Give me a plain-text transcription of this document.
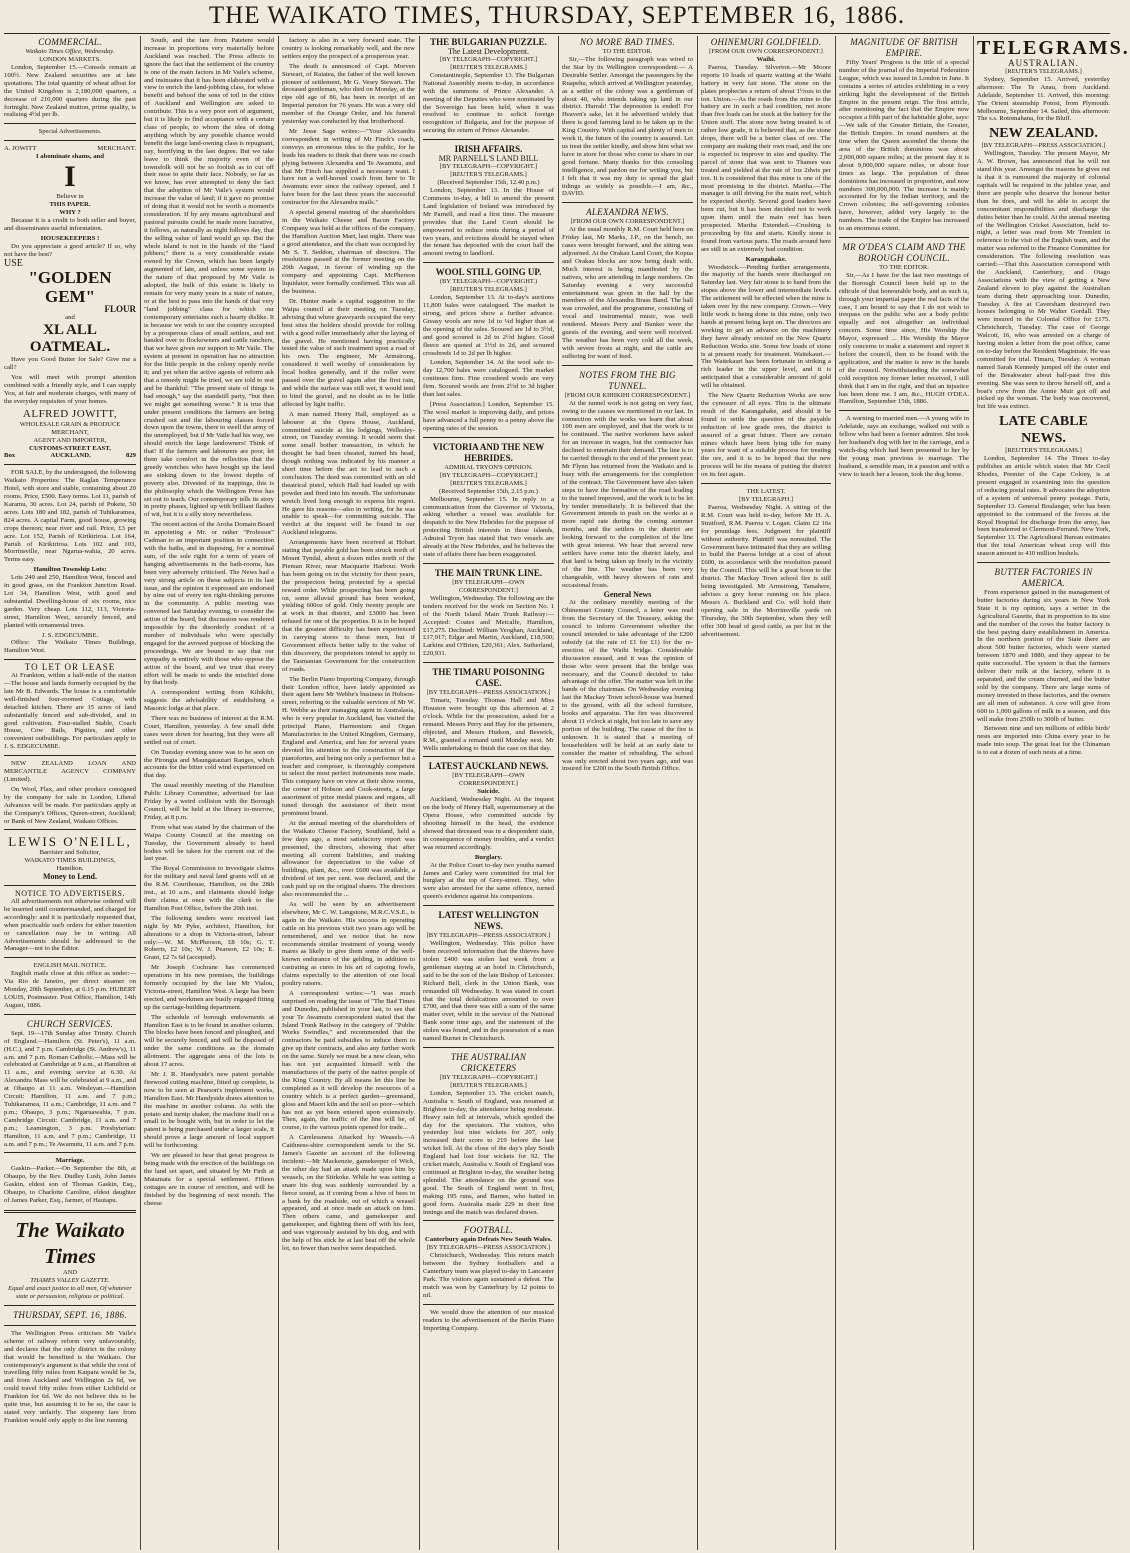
THE WAIKATO TIMES, THURSDAY, SEPTEMBER 16, 1886.
COMMERCIAL.
Waikato Times Office, Wednesday.
LONDON MARKETS.

London, September 15.—Consols remain at 100½. New Zealand securities are at late quotations. The total quantity of wheat afloat for the United Kingdom is 2,180,000 quarters, a decrease of 210,000 quarters during the past fortnight. New Zealand mutton, prime quality, is realising 4½d per lb.

Special Advertisements.
A. JOWITT	MERCHANT.
I abominate shams, and
I
Believe in
THIS PAPER.
WHY ?

Because it is a credit to both seller and buyer, and disseminates useful information.

HOUSEKEEPERS !

Do you appreciate a good article? If so, why not have the best?

USE
"GOLDEN GEM"
FLOUR
and
XL ALL OATMEAL.

Have you Good Butter for Sale? Give me a call?

You will meet with prompt attention combined with a friendly style, and I can supply You, at fair and moderate charges, with many of the everyday requisites of your homes.

ALFRED JOWITT,
WHOLESALE GRAIN & PRODUCE MERCHANT,
AGENT AND IMPORTER,
CUSTOMS-STREET EAST,
Box	AUCKLAND.	829

FOR SALE, by the undersigned, the following Waikato Properties: The Raglan Temperance Hotel, with store and stable, containing about 20 rooms. Price, £500. Easy terms. Lot 11, parish of Karamu, 30 acres. Lot 24, parish of Pukete, 50 acres. Lots 180 and 182, parish of Tuhikaramea, 824 acres. A capital Farm, good house, growing crops thereon; near river and rail. Price, £3 per acre. Lot 152, Parish of Kirikiriroa. Lot 164, Parish of Kirikiriroa. Lots 102 and 103, Morrinsville, near Ngarua-wahia, 20 acres. Terms easy.

Hamilton Township Lots:

Lots 249 and 250, Hamilton West, fenced and in good grass, on the Frankton Junction Road. Lot 34, Hamilton West, with good and substantial Dwelling-house of six rooms, nice garden. Very cheap. Lots 112, 113, Victoria-street, Hamilton West, securely fenced, and planted with ornamental trees.

J. S. EDGECUMBE.

Office: The Waikato Times Buildings, Hamilton West.

TO LET OR LEASE

At Frankton, within a half-mile of the station—The house and lands formerly occupied by the late Mr B. Edwards. The house is a comfortable well-finished four-roomed Cottage, with detached kitchen. There are 15 acres of land substantially fenced and sub-divided, and in good cultivation. Four-stalled Stable, Coach House, Cow Bails, Pigsties, and other convenient outbuildings. For particulars apply to J. S. EDGECUMBE.

NEW ZEALAND LOAN AND MERCANTILE AGENCY COMPANY (Limited).

On Wool, Flax, and other produce consigned by the company for sale in London, Liberal Advances will be made. For particulars apply at the Company's Offices, Queen-street, Auckland; or Bank of New Zealand, Waikato Offices.

LEWIS O'NEILL,
Barrister and Solicitor,
WAIKATO TIMES BUILDINGS,
Hamilton.
Money to Lend.
NOTICE TO ADVERTISERS.

All advertisements not otherwise ordered will be inserted until countermanded, and charged for accordingly: and it is particularly requested that, when practicable such orders for either insertion or cancellation may be in writing. All Advertisements should be addressed to the Manager—not to the Editor.

ENGLISH MAIL NOTICE.

English mails close at this office as under:—Via Rio de Janeiro, per direct steamer on Monday, 20th September, at 6.15 p.m. HUBERT LOUIS, Postmaster. Post Office, Hamilton, 14th August, 1886.

CHURCH SERVICES.

Sept. 19—17th Sunday after Trinity. Church of England.—Hamilton (St. Peter's), 11 a.m. (H.C.), and 7 p.m. Cambridge (St. Andrew's), 11 a.m. and 7 p.m. Roman Catholic.—Mass will be celebrated at Cambridge at 9 a.m., at Hamilton at 11 a.m., and evening service at 6.30. At Alexandra Mass will be celebrated at 9 a.m., and at Ohaupo at 11 a.m. Wesleyan.—Hamilton Circuit: Hamilton, 11 a.m. and 7 p.m.; Tuhikaramea, 11 a.m.; Cambridge, 11 a.m. and 7 p.m.; Ohaupo, 3 p.m.; Ngaruawahia, 7 p.m. Cambridge Circuit: Cambridge, 11 a.m. and 7 p.m.; Leamington, 3 p.m. Presbyterian: Hamilton, 11 a.m. and 7 p.m.; Cambridge, 11 a.m. and 7 p.m.; Te Awamutu, 11 a.m. and 7 p.m.

Marriage.

Gaskin—Parker.—On September the 8th, at Ohaupo, by the Rev. Dudley Lush, John James Gaskin, eldest son of Thomas Gaskin, Esq., Ohaupo, to Charlotte Caroline, eldest daughter of James Parker, Esq., farmer, of Hautapu.

The Waikato Times
AND
THAMES VALLEY GAZETTE.
Equal and exact justice to all men, Of whatever state or persuasion, religious or political.
THURSDAY, SEPT. 16, 1886.

The Wellington Press criticises Mr Vaile's scheme of railway reform very unfavourably, and declares that the only district in the colony that would be benefited is the Waikato. Our contemporary's argument is that while the cost of travelling fifty miles from Kaipara would be 3s, and from Auckland and Wellington 2s 6d, we could travel fifty miles from either Lichfield or Frankton for 6d. We do not believe this to be quite true, but assuming it to be so, the case is stated very unfairly. The sixpenny fare from Frankton would only apply to the line running

South, and the fare from Patetere would increase in proportions very materially before Auckland was reached. The Press affects to ignore the fact that the settlement of the country is one of the main factors in Mr Vaile's scheme, and insinuates that it has been elaborated with a view to enrich the land-jobbing class, for whose benefit and behoof the sons of toil in the cities of Auckland and Wellington are asked to contribute. This is a very poor sort of argument, but it is likely to find acceptance with a certain class of people, to whom the idea of doing anything which by any possible chance would benefit the large land-owning class is repugnant, nay, horrifying in the last degree. But we take leave to think the majority even of the townsfolk will not be so foolish as to cut off their nose to spite their face. Nobody, so far as we know, has ever attempted to deny the fact that the adoption of Mr Vaile's system would increase the value of land; if it gave no promise of doing that it would not be worth a moment's consideration. If by any means agricultural and pastoral pursuits could be made more lucrative, it follows, as naturally as night follows day, that the selling value of land would go up. But the whole island is not in the hands of the "land jobbers;" there is a very considerable estate owned by the Crown, which has been largely augmented of late, and unless some system in the nature of that proposed by Mr Vaile is adopted, the bulk of this estate is likely to remain for very many years in a state of nature, or at the best to pass into the hands of that very "land jobbing" class for which our contemporary entertains such a hearty dislike. It is because we wish to see the country occupied by a prosperous class of small settlers, and not handed over to flockowners and cattle ranchers, that we have given our support to Mr Vaile. The system at present in operation has no attraction for the little people in the colony openly revile it; and yet when the active agents of reform ask that a remedy might be tried, we are told to rest and be thankful: "The present state of things is bad enough," say the standstill party, "but then we might get something worse." It is true that under present conditions the farmers are being crushed out and the labouring classes forced down upon the towns, there to swell the army of the unemployed, but if Mr Vaile had his way, we should enrich the large landowners! Think of that! If the farmers and labourers are poor, let them take comfort in the reflection that the greedy wretches who have bought up the land are sinking down to the lowest depths of poverty also. Divested of its trappings, this is the philosophy which the Wellington Press has set out to teach. Our contemporary tells its story in pretty phases, lighted up with brilliant flashes of wit, but it is a silly story nevertheless.

The recent action of the Aroha Domain Board in appointing a Mr. or rather "Professor" Cadman to an important position in connection with the baths, and in disposing, for a nominal sum, of the sole right for a term of years of hanging advertisements in the bath-rooms, has been very adversely criticised. The News had a very strong article on these subjects in its last issue, and the opinion it expressed are endorsed by nine out of every ten right-thinking persons in the community. A public meeting was convened last Saturday evening, to consider the action of the board, but discussion was rendered impossible by the disorderly conduct of a number of individuals who were specially engaged for the avowed purpose of blocking the proceedings. We are bound to say that our sympathy is entirely with those who oppose the action of the board, and we trust that every effort will be made to undo the mischief done by that body.

A correspondent writing from Kihikihi, suggests the advisability of establishing a Masonic lodge at that place.

There was no business of interest at the R.M. Court, Hamilton, yesterday. A few small debt cases were down for hearing, but they were all settled out of court.

On Tuesday evening snow was to be seen on the Pirongia and Maungatautari Ranges, which accounts for the bitter cold wind experienced on that day.

The usual monthly meeting of the Hamilton Public Library Committee, advertised for last Friday by a weird collision with the Borough Council, will be held at the library to-morrow, Friday, at 8 p.m.

From what was stated by the chairman of the Waipa County Council at the meeting on Tuesday, the Government already to hand bodies will be taken for the current out of the last year.

The Royal Commission to investigate claims for the military and naval land grants will sit at the R.M. Courthouse, Hamilton, on the 28th inst., at 10 a.m., and claimants should lodge their claims at once with the clerk to the Hamilton Post Office, before the 20th inst.

The following tenders were received last night by Mr Pyke, architect, Hamilton, for alterations to a shop in Victoria-street, labour only:—W. M. McPherson, £8 10s; G. T. Roberts, £2 10s; W. J. Pearson, £2 10s; E. Grant, £2 7s 6d (accepted).

Mr Joseph Cochrane has commenced operations in his new premises, the buildings formerly occupied by the late Mr Vialou, Victoria-street, Hamilton West. A large has been erected, and workmen are busily engaged fitting up the carriage-building department.

The schedule of borough endowments at Hamilton East is to be found in another column. The blocks have been fenced and ploughed, and will be securely fenced, and will be disposed of under the same conditions as the domain allotment. The aggregate area of the lots is about 17 acres.

Mr J. R. Handyside's new patent portable firewood cutting machine, fitted up complete, is now to be seen at Pearson's implement works, Hamilton East. Mr Handyside draws attention to the machine in another column. As with the potato and turnip shaker, the machine itself on a small to be bought with, but in order to let the patent is being purchased under a larger scale, it should prove a large amount of local support will be forthcoming.

We are pleased to hear that great progress is being made with the erection of the buildings on the land set apart, and situated by Mr Firth at Matamata for a special settlement. Fifteen cottages are in course of erection, and will be finished by the beginning of next month. The cheese

factory is also in a very forward state. The country is looking remarkably well, and the new settlers enjoy the prospect of a prosperous year.

The death is announced of Capt. Morven Stewart, of Raiatea, the father of the well known pioneer of settlement, Mr G. Vesey Stewart. The deceased gentleman, who died on Monday, at the ripe old age of 86, has been in receipt of an Imperial pension for 76 years. He was a very old member of the Orange Order, and his funeral yesterday was conducted by that brotherhood.

Mr Jesse Sage writes:—"Your Alexandra correspondent in writing of Mr Finch's coach, conveys an erroneous idea to the public, for he leads his readers to think that there was no coach plying between Alexandra and Te Awamutu, and that Mr Finch has supplied a necessary want. I have run a well-horsed coach from here to Te Awamutu ever since the railway opened, and I have been for the last three years the successful contractor for the Alexandra mails."

A special general meeting of the shareholders in the Waikato Cheese and Bacon Factory Company was held at the offices of the company, the Hamilton Auction Mart, last night. There was a good attendance, and the chair was occupied by Mr S. T. Seddon, chairman of directors. The resolutions passed at the former meeting on the 20th August, in favour of winding up the company and appointing Capt. McPherson liquidator, were formally confirmed. This was all the business.

Dr. Hunter made a capital suggestion to the Waipa council at their meeting on Tuesday, advising that where graveyards occupied the very best sites the holders should provide for rolling with a good roller immediately after the laying of the gravel. He mentioned having practically tested the value of such treatment upon a road of his own. The engineer, Mr Armstrong, considered it well worthy of consideration by local bodies generally, and if the roller were passed over the gravel again after the first rain, and while the surface was still wet, it would tend to bind the gravel, and no doubt as to be little affected by light traffic.

A man named Henry Hall, employed as a labourer at the Opera House, Auckland, committed suicide at his lodgings, Wellesley-street, on Tuesday evening. It would seem that some small bother transaction, in which he thought he had been cheated, turned his head, though nothing was indicated by his manner a short time before the act to lead to such a conclusion. The deed was committed with an old theatrical pistol, which Hall had loaded up with powder and fired into his mouth. The unfortunate wretch lived long enough to express his regret. He gave his reasons—also in writing, for he was unable to speak—for committing suicide. The verdict at the inquest will be found in our Auckland telegrams.

Arrangements have been received at Hobart stating that payable gold has been struck north of Mount Tyndal, about a dozen miles north of the Pieman River, near Macquarie Harbour. Work has been going on in the vicinity for three years, the prospectors being protected by a special reward order. While prospecting has been going on, some alluvial ground has been worked, yielding 600oz of gold. Only twenty people are at work in that district, and £3000 has been refused for one of the properties. It is to be hoped that the greatest difficulty has been experienced in carrying stores to these men, but if Government effects better tally to the value of this discovery, the proprietors intend to apply to the Tasmanian Government for the construction of roads.

The Berlin Piano Importing Company, through their London office, have lately appointed as their agent here Mr Webbe's business in Hobson-street, referring to the valuable services of Mr W. H. Webbe as their managing agent in Australasia, who is very popular in Auckland, has visited the principal Piano, Harmonium and Organ Manufactories in the United Kingdom, Germany, England and America, and has for several years devoted his attention to the construction of the pianofortes, and being not only a performer but a teacher and composer, is thoroughly competent to select the most perfect instruments now made. This company have on view at their show rooms, the corner of Hobson and Cook-streets, a large assortment of prize medal pianos and organs, all tuned through the assistance of their most prominent brand.

At the annual meeting of the shareholders of the Waikato Cheese Factory, Southland, held a few days ago, a most satisfactory report was presented, the directors, showing that after meeting all current liabilities, and making allowance for depreciation to the value of buildings, plant, &c., over £600 was available, a dividend of ten per cent. was declared, and the cash paid up on the original shares. The directors also recommended the ...

As will be seen by an advertisement elsewhere, Mr C. W. Langstone, M.R.C.V.S.E., is again in the Waikato. His success in operating cattle on his previous visit two years ago will be remembered, and we notice that he now recommends similar treatment of young weedy mares as likely to give them some of the well-known endurance of the gelding, in addition to castrating as cures in his art of capoing fowls, claims especially to the attention of our local poultry raisers.

A correspondent writes:—"I was much surprised on reading the issue of "The Bad Times and Dunedin, published in your last, to see that your Te Awamutu correspondent stated that the Island Trunk Railway in the category of "Public Works Swindles," and recommended that the contractors be paid subsidies to induce them to give up their contracts, and also any further work on the same. Surely we must be a new clean, who has not yet acquainted himself with the manufactures of the party of the native people of the King Country. By all means let this line be completed as it will develop the resources of a country which is a perfect garden—greensand, gloss and Maori kiln and the soil so poor—which has not as yet been entered upon extensively. Then, again, the traffic of the line will be, of course, to the various points opened for trade...

A Carelessness Attacked by Weasels.—A Caithness-shire correspondent sends to the St. James's Gazette an account of the following incident:—Mr Mackenzie, gamekeeper of Wick, the other day had an attack made upon him by weasels, on the Stirkoke. While he was setting a snare his dog was suddenly surrounded by a fierce sound, as if coming from a hive of bees in a bank by the roadside, out of which a weasel appeared, and at once made an attack on him. Then others came, and gamekeeper and gamekeeper, and fighting them off with his feet, and was vigorously assisted by his dog, and with the help of his stick he at last beat off the whole lot, no fewer than twelve were despatched.

THE BULGARIAN PUZZLE.
The Latest Development.
[BY TELEGRAPH—COPYRIGHT.]
[REUTER'S TELEGRAMS.]

Constantinople, September 13. The Bulgarian National Assembly meets to-day, in accordance with the summons of Prince Alexander. A meeting of the Deputies who were nominated by the Sovereign has been held, when it was resolved to continue to solicit foreign recognition of Bulgaria, and for the purpose of securing the return of Prince Alexander.

IRISH AFFAIRS.
MR PARNELL'S LAND BILL
[BY TELEGRAPH—COPYRIGHT.]
[REUTER'S TELEGRAMS.]
(Received September 15th, 12.40 p.m.)

London, September 13. In the House of Commons to-day, a bill to amend the present Land legislation of Ireland was introduced by Mr Parnell, and read a first time. The measure provides that the Land Court should be empowered to reduce rents during a period of two years, and evictions should be stayed when the tenant has deposited with the court half the amount owing to landlord.

WOOL STILL GOING UP.
(BY TELEGRAPH—COPYRIGHT.)
[REUTER'S TELEGRAMS.]

London, September 13. At to-day's auctions 11,800 bales were catalogued. The market is strong, and prices show a further advance. Greasy wools are now 1d to ¼d higher than at the opening of the sales. Scoured are 1d to 3½d, and good scoured is 2d to 2½d higher. Good fleece are quoted at 1½d to 2d, and scoured crossbreds 1d to 2d per lb higher.

London, September 14. At the wool sale to-day 12,700 bales were catalogued. The market continues firm. Fine crossbred wools are very firm. Scoured wools are from 2½d to 3d higher than last sales.

[Press Association.] London, September 15. The wool market is improving daily, and prices have advanced a full penny to a penny above the opening rates of the session.

VICTORIA AND THE NEW HEBRIDES.
ADMIRAL TRYON'S OPINION.
[BY TELEGRAPH—COPYRIGHT.]
[REUTER'S TELEGRAMS.]
(Received September 15th, 2.15 p.m.)

Melbourne, September 15. In reply to a communication from the Governor of Victoria, asking whether a vessel was available for despatch to the New Hebrides for the purpose of protecting British interests in those islands, Admiral Tryon has stated that two vessels are already at the New Hebrides, and he believes the state of affairs there has been exaggerated.

THE MAIN TRUNK LINE.
[BY TELEGRAPH—OWN CORRESPONDENT.]

Wellington, Wednesday. The following are the tenders received for the work on Section No. 1 of the North Island Main Trunk Railway:—Accepted: Coates and Metcalfe, Hamilton, £17,275. Declined: William Yeoghan, Auckland, £17,917; Edgar and Martin, Auckland, £18,500; Larkins and O'Brien, £20,361; Alex. Sutherland, £20,931.

THE TIMARU POISONING CASE.
[BY TELEGRAPH—PRESS ASSOCIATION.]

Timaru, Tuesday. Thomas Hall and Miss Houston were brought up this afternoon at 2 o'clock. While for the prosecution, asked for a remand. Messrs Perry and Hay for the prisoners, objected, and Messrs Hudson, and Beswick, R.M., granted a remand until Monday next. Mr Wells undertaking to finish the case on that day.

LATEST AUCKLAND NEWS.
[BY TELEGRAPH—OWN CORRESPONDENT.]
Suicide.

Auckland, Wednesday Night. At the inquest on the body of Henry Hall, supernumerary at the Opera House, who committed suicide by shooting himself in the head, the evidence showed that deceased was in a despondent state, in consequence of money troubles, and a verdict was returned accordingly.

Burglary.

At the Police Court to-day two youths named James and Carley were committed for trial for burglary at the top of Grey-street. They, who were also arrested for the same offence, turned queen's evidence against his companions.

LATEST WELLINGTON NEWS.
[BY TELEGRAPH—PRESS ASSOCIATION.]

Wellington, Wednesday. This police have been received information that the thieves have stolen £400 was stolen last week from a gentleman staying at an hotel in Christchurch, said to be the son of the late Bishop of Leicester. Richard Bell, clerk in the Union Bank, was remanded till Wednesday. It was stated in court that the total defalcations amounted to over £700, and that there was still a sum of the same matter over, while in the service of the National Bank some time ago, and the statement of the stolen was found, and in the possession of a man named Burnet in Christchurch.

THE AUSTRALIAN CRICKETERS
[BY TELEGRAPH—COPYRIGHT.]
[REUTER'S TELEGRAMS.]

London, September 13. The cricket match, Australia v. South of England, was resumed at Brighton to-day, the attendance being moderate. Heavy rain fell at intervals, which spoiled the day for the spectators. The visitors, who yesterday lost nine wickets for 207, only increased their score to 219 before the last wicket fell. At the close of the day's play South England had lost four wickets for 92. The cricket match, Australia v. South of England was continued at Brighton to-day, the weather being splendid. The attendance on the ground was good. The South of England went in first, making 195 runs, and Barnes, who batted in good form. Australia made 229 in their first innings and the match was declared drawn.

FOOTBALL.
Canterbury again Defeats New South Wales.
[BY TELEGRAPH—PRESS ASSOCIATION.]

Christchurch, Wednesday. This return match between the Sydney footballers and a Canterbury team was played to-day in Lancaster Park. The visitors again sustained a defeat. The match was won by Canterbury by 12 points to nil.

We would draw the attention of our musical readers to the advertisement of the Berlin Piano Importing Company.

NO MORE BAD TIMES.
TO THE EDITOR.

Sir,—The following paragraph was wired to the Star by its Wellington correspondent:— A Desirable Settler. Amongst the passengers by the Ruapehu, which arrived at Wellington yesterday, as a settler of the colony was a gentleman of about 40, who intends taking up land in our district. Hurrah! The depression is ended! For Heaven's sake, let it be advertised widely that there is good farming land to be taken up in the King Country. With capital and plenty of men to work it, the future of the country is assured. Let us treat the settler kindly, and show him what we have in store for those who come to share in our good fortune. Many thanks for this consoling intelligence, and pardon me for writing you, but I felt that it was my duty to spread the glad tidings as widely as possible.—I am, &c., DAVID.

ALEXANDRA NEWS.
[FROM OUR OWN CORRESPONDENT.]

At the usual monthly R.M. Court held here on Friday last, Mr Marks, J.P., on the bench, no cases were brought forward, and the sitting was adjourned. At the Orakau Land Court, the Kopua and Orakau blocks are now being dealt with. Much interest is being manifested by the natives, who are attending in large numbers. On Saturday evening a very successful entertainment was given in the hall by the members of the Alexandra Brass Band. The hall was crowded, and the programme, consisting of vocal and instrumental music, was well rendered. Messrs Perry and Bunker were the guests of the evening, and were well received. The weather has been very cold all the week, with severe frosts at night, and the cattle are suffering for want of feed.

NOTES FROM THE BIG TUNNEL.
[FROM OUR KIHIKIHI CORRESPONDENT.]

At the tunnel work is not going on very fast, owing to the causes we mentioned in our last. In connection with the works we learn that about 100 men are employed, and that the work is to be continued. The native workmen have asked for an increase in wages, but the contractor has declined to entertain their demand. The line is to be carried through to the end of the present year. Mr Flynn has returned from the Waikato and is busy with the arrangements for the completion of the contract. The Government have also taken steps to have the formation of the road leading to the tunnel improved, and the work is to be let by tender immediately. It is believed that the Government intends to push on the works at a more rapid rate during the coming summer months, and the settlers in the district are looking forward to the completion of the line with great interest. We hear that several new settlers have come into the district lately, and that land is being taken up freely in the vicinity of the line. The weather has been very changeable, with heavy showers of rain and occasional frosts.

General News

At the ordinary monthly meeting of the Ohinemuri County Council, a letter was read from the Secretary of the Treasury, asking the council to inform Government whether the council intended to take advantage of the £200 subsidy (at the rate of £1 for £1) for the re-erection of the Waihi bridge. Considerable discussion ensued, and it was the opinion of those who were present that the bridge was necessary, and the Council decided to take advantage of the offer. The matter was left in the hands of the chairman. On Wednesday evening last the Mackay Town school-house was burned to the ground, with all the school furniture, books and apparatus. The fire was discovered about 11 o'clock at night, but too late to save any portion of the building. The cause of the fire is unknown. It is stated that a meeting of householders will be held at an early date to consider the matter of rebuilding. The school was only erected about two years ago, and was insured for £200 in the South British Office.

OHINEMURI GOLDFIELD.
[FROM OUR OWN CORRESPONDENT.]
Waihi.

Paeroa, Tuesday. Silverton.—Mr Moore reports 10 loads of quartz waiting at the Waihi battery in very fair stone. The stone on the plates prophecies a return of about 1½ozs to the ton. Union.—As the roads from the mine to the battery are in such a bad condition, not more than five loads can be stuck at the battery for the Union stuff. The stone now being treated is of rather low grade, it is believed that, as the stone drops, there will be a better class of ore. The company are making their own road, and the ore is expected to improve in size and quality. The parcel of stone that was sent to Thames was treated and yielded at the rate of 1oz 2dwts per ton. It is considered that this mine is one of the most promising in the district. Martha.—The manager is still driving for the main reef, which he expected shortly. Several good leaders have been cut, but it has been decided not to work upon them until the main reef has been prospected. Martha Extended.—Crushing is proceeding by fits and starts. Kindly stone is found from various parts. The roads around here are still in an extremely bad condition.

Karangahake.

Woodstock.—Pending further arrangements, the majority of the hands were discharged on Saturday last. Very fair stone is to hand from the stopes above the lower and intermediate levels. The settlement will be effected when the mine is taken over by the new company. Crown.—Very little work is being done in this mine, only two hands at present being kept on. The directors are working to get an advance on the machinery they have already erected on the New Quartz Reduction Works site. Some few loads of stone is at present ready for treatment. Waitekauri.—The Waitekauri has been fortunate in striking a rich leader in the upper level, and it is anticipated that a considerable amount of gold will be obtained.

The New Quartz Reduction Works are now the cynosure of all eyes. This is the ultimate result of the Karangahake, and should it be found to settle the question of the payable reduction of low grade ores, the district is assured of a great future. There are certain mines which have been lying idle for many years for want of a suitable process for treating the ore, and it is to be hoped that the new process will be the means of putting the district on its feet again.

THE LATEST.
[BY TELEGRAPH.]

Paeroa, Wednesday Night. A sitting of the R.M. Court was held to-day, before Mr H. A. Stratford, R.M. Paeroa v. Logan. Claim £2 16s for poundage fees. Judgment for plaintiff without authority. Plaintiff was nonsuited. The Government have intimated that they are willing to build the Paeroa bridge at a cost of about £600, in accordance with the resolution passed by the Council. This will be a great boon to the district. The Mackay Town school fire is still being investigated. Mr Armstrong, Tamahere, advises a grey horse running on his place. Messrs A. Buckland and Co. will hold their opening sale in the Morrinsville yards on Thursday, the 30th September, when they will offer 300 head of good cattle, as per list in the advertisement.

MAGNITUDE OF BRITISH EMPIRE.

Fifty Years' Progress is the title of a special number of the journal of the Imperial Federation League, which was issued in London in June. It contains a series of articles exhibiting in a very striking light the development of the British Empire in the present reign. The first article, after mentioning the fact that the Empire now occupies a fifth part of the habitable globe, says:—We talk of the Greater Britain, the Greater, the British Empire. In round numbers at the time when the Queen ascended the throne the area of the British dominions was about 2,000,000 square miles; at the present day it is about 9,000,000 square miles, or about four times as large. The population of these dominions has increased in proportion, and now numbers 300,000,000. The increase is mainly accounted for by the Indian territory, and the Crown colonies; the self-governing colonies have, however, added very largely to the numbers. The trade of the Empire has increased to an enormous extent.

MR O'DEA'S CLAIM AND THE BOROUGH COUNCIL.
TO THE EDITOR.

Sir,—As I have for the last two meetings of the Borough Council been held up to the ridicule of that honourable body, and as such is, through your impartial paper the real facts of the case, I am bound to say that I do not wish to trespass on the public who are a body politic equally and not altogether an individual concern. Some time since, His Worship the Mayor, expressed ... His Worship the Mayor only concerns to make a statement and report it before the council, then to be found with the application, and the matter is now in the hands of the council. Notwithstanding the somewhat cold reception my former letter received, I still think that I am in the right, and that an injustice has been done me. I am, &c., HUGH O'DEA. Hamilton, September 15th, 1886.

A warning to married men.—A young wife in Adelaide, says an exchange, walked out with a fellow who had been a former admirer. She took her husband's dog with her in the carriage, and a watch-dog which had been presented to her by the young man previous to marriage. The husband, a sensible man, in a passion and with a view to teach her a lesson, took the dog home.

TELEGRAMS.
AUSTRALIAN.
[REUTER'S TELEGRAMS.]

Sydney, September 15. Arrived, yesterday afternoon: The Te Anau, from Auckland. Adelaide, September 11. Arrived, this morning: The Orient steamship Potosi, from Plymouth. Melbourne, September 14. Sailed, this afternoon: The s.s. Rotomahana, for the Bluff.

NEW ZEALAND.
[BY TELEGRAPH—PRESS ASSOCIATION.]

Wellington, Tuesday. The present Mayor, Mr A. W. Brown, has announced that he will not stand this year. Amongst the reasons he gives out is that it is rumoured the majority of colonial capitals will be required in the jubilee year, and there are people who deserve the honour better than he does, and will be able to accept the concomitant responsibilities and discharge the duties better than he could. At the annual meeting of the Wellington Cricket Association, held to-night, a letter was read from Mr Tremlett in reference to the visit of the English team, and the matter was referred to the Finance Committee for consideration. The following resolution was carried:—That this Association correspond with the Auckland, Canterbury, and Otago Associations with the view of getting a New Zealand eleven to play against the Australian team during their approaching tour. Dunedin, Tuesday. A fire at Caversham destroyed two houses belonging to Mr Walter Gordall. They were insured in the Colonial Office for £175. Christchurch, Tuesday. The case of George Walcott, 16, who was arrested on a charge of having stolen a letter from the post office, came on to-day before the Resident Magistrate. He was committed for trial. Timaru, Tuesday. A woman named Sarah Kennedy jumped off the outer end of the Breakwater about half-past five this evening. She was seen to throw herself off, and a boat's crew from the Annie Muir got off and picked up the woman. The body was recovered, but life was extinct.

LATE CABLE NEWS.
[REUTER'S TELEGRAMS.]

London, September 14. The Times to-day publishes an article which states that Mr Cecil Rhodes, Premier of the Cape Colony, is at present engaged in examining into the question of reducing postal rates. It advocates the adoption of a system of universal penny postage. Paris, September 13. General Boulanger, who has been appointed to the command of the forces at the Royal Hospital for discharge from the army, has been transferred to Clermont-Ferrand. New York, September 13. The Agricultural Bureau estimates that the total American wheat crop will this season amount to 410 million bushels.

BUTTER FACTORIES IN AMERICA.

From experience gained in the management of butter factories during six years in New York State it is my opinion, says a writer in the Agricultural Gazette, that in proportion to its size and the number of the cows the butter factory is the best paying dairy establishment in America. In the northern portion of the State there are about 500 butter factories, which were started between 1870 and 1880, and they appear to be quite successful. The system is that the farmers deliver their milk at the factory, where it is separated, and the cream churned, and the butter sold by the company. There are large sums of money invested in these factories, and the owners are all men of substance. A cow will give from 600 to 1,000 gallons of milk in a season, and this will make from 250lb to 300lb of butter.

Between nine and ten millions of edible birds' nests are imported into China every year to be made into soup. The great feat for the Chinaman is to eat a dozen of such nests at a time.
